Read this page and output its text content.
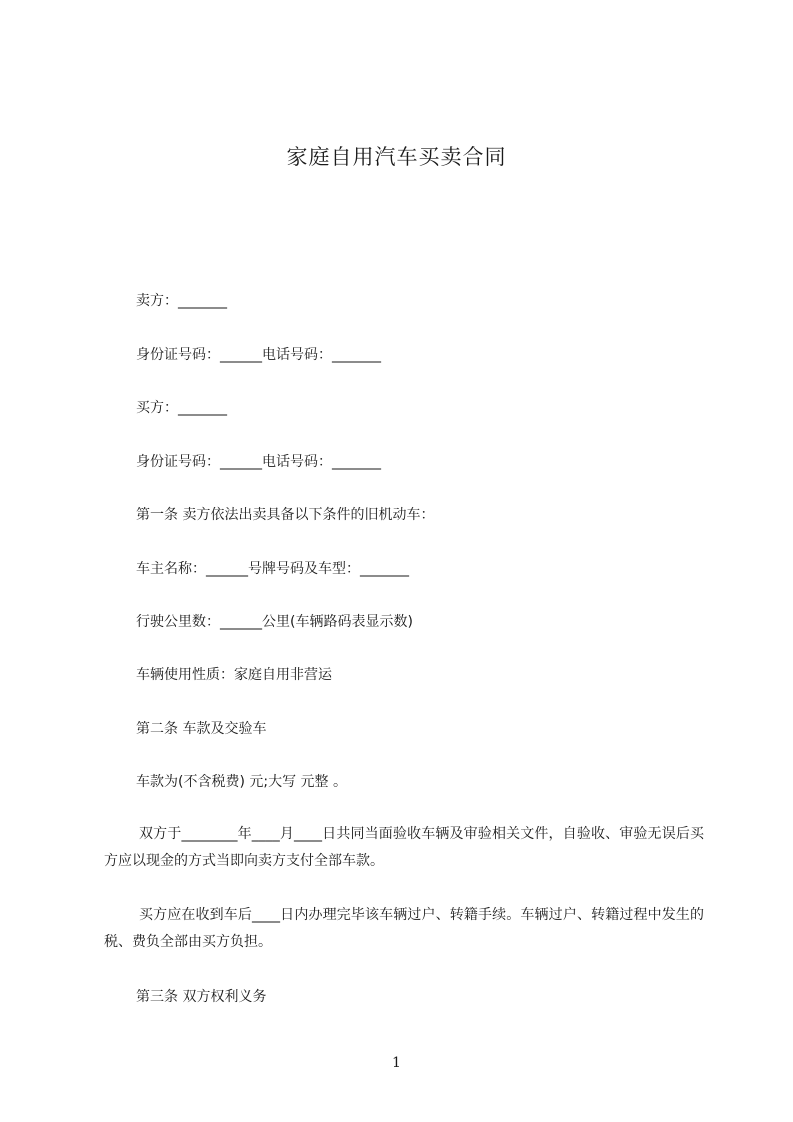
家庭自用汽车买卖合同
卖方：_______
身份证号码：______电话号码：_______
买方：_______
身份证号码：______电话号码：_______
第一条 卖方依法出卖具备以下条件的旧机动车：
车主名称：______号牌号码及车型：_______
行驶公里数：______公里(车辆路码表显示数)
车辆使用性质：家庭自用非营运
第二条 车款及交验车
车款为(不含税费) 元;大写 元整 。
双方于________年____月____日共同当面验收车辆及审验相关文件，自验收、审验无误后买方应以现金的方式当即向卖方支付全部车款。
买方应在收到车后____日内办理完毕该车辆过户、转籍手续。车辆过户、转籍过程中发生的税、费负全部由买方负担。
第三条 双方权利义务
1
